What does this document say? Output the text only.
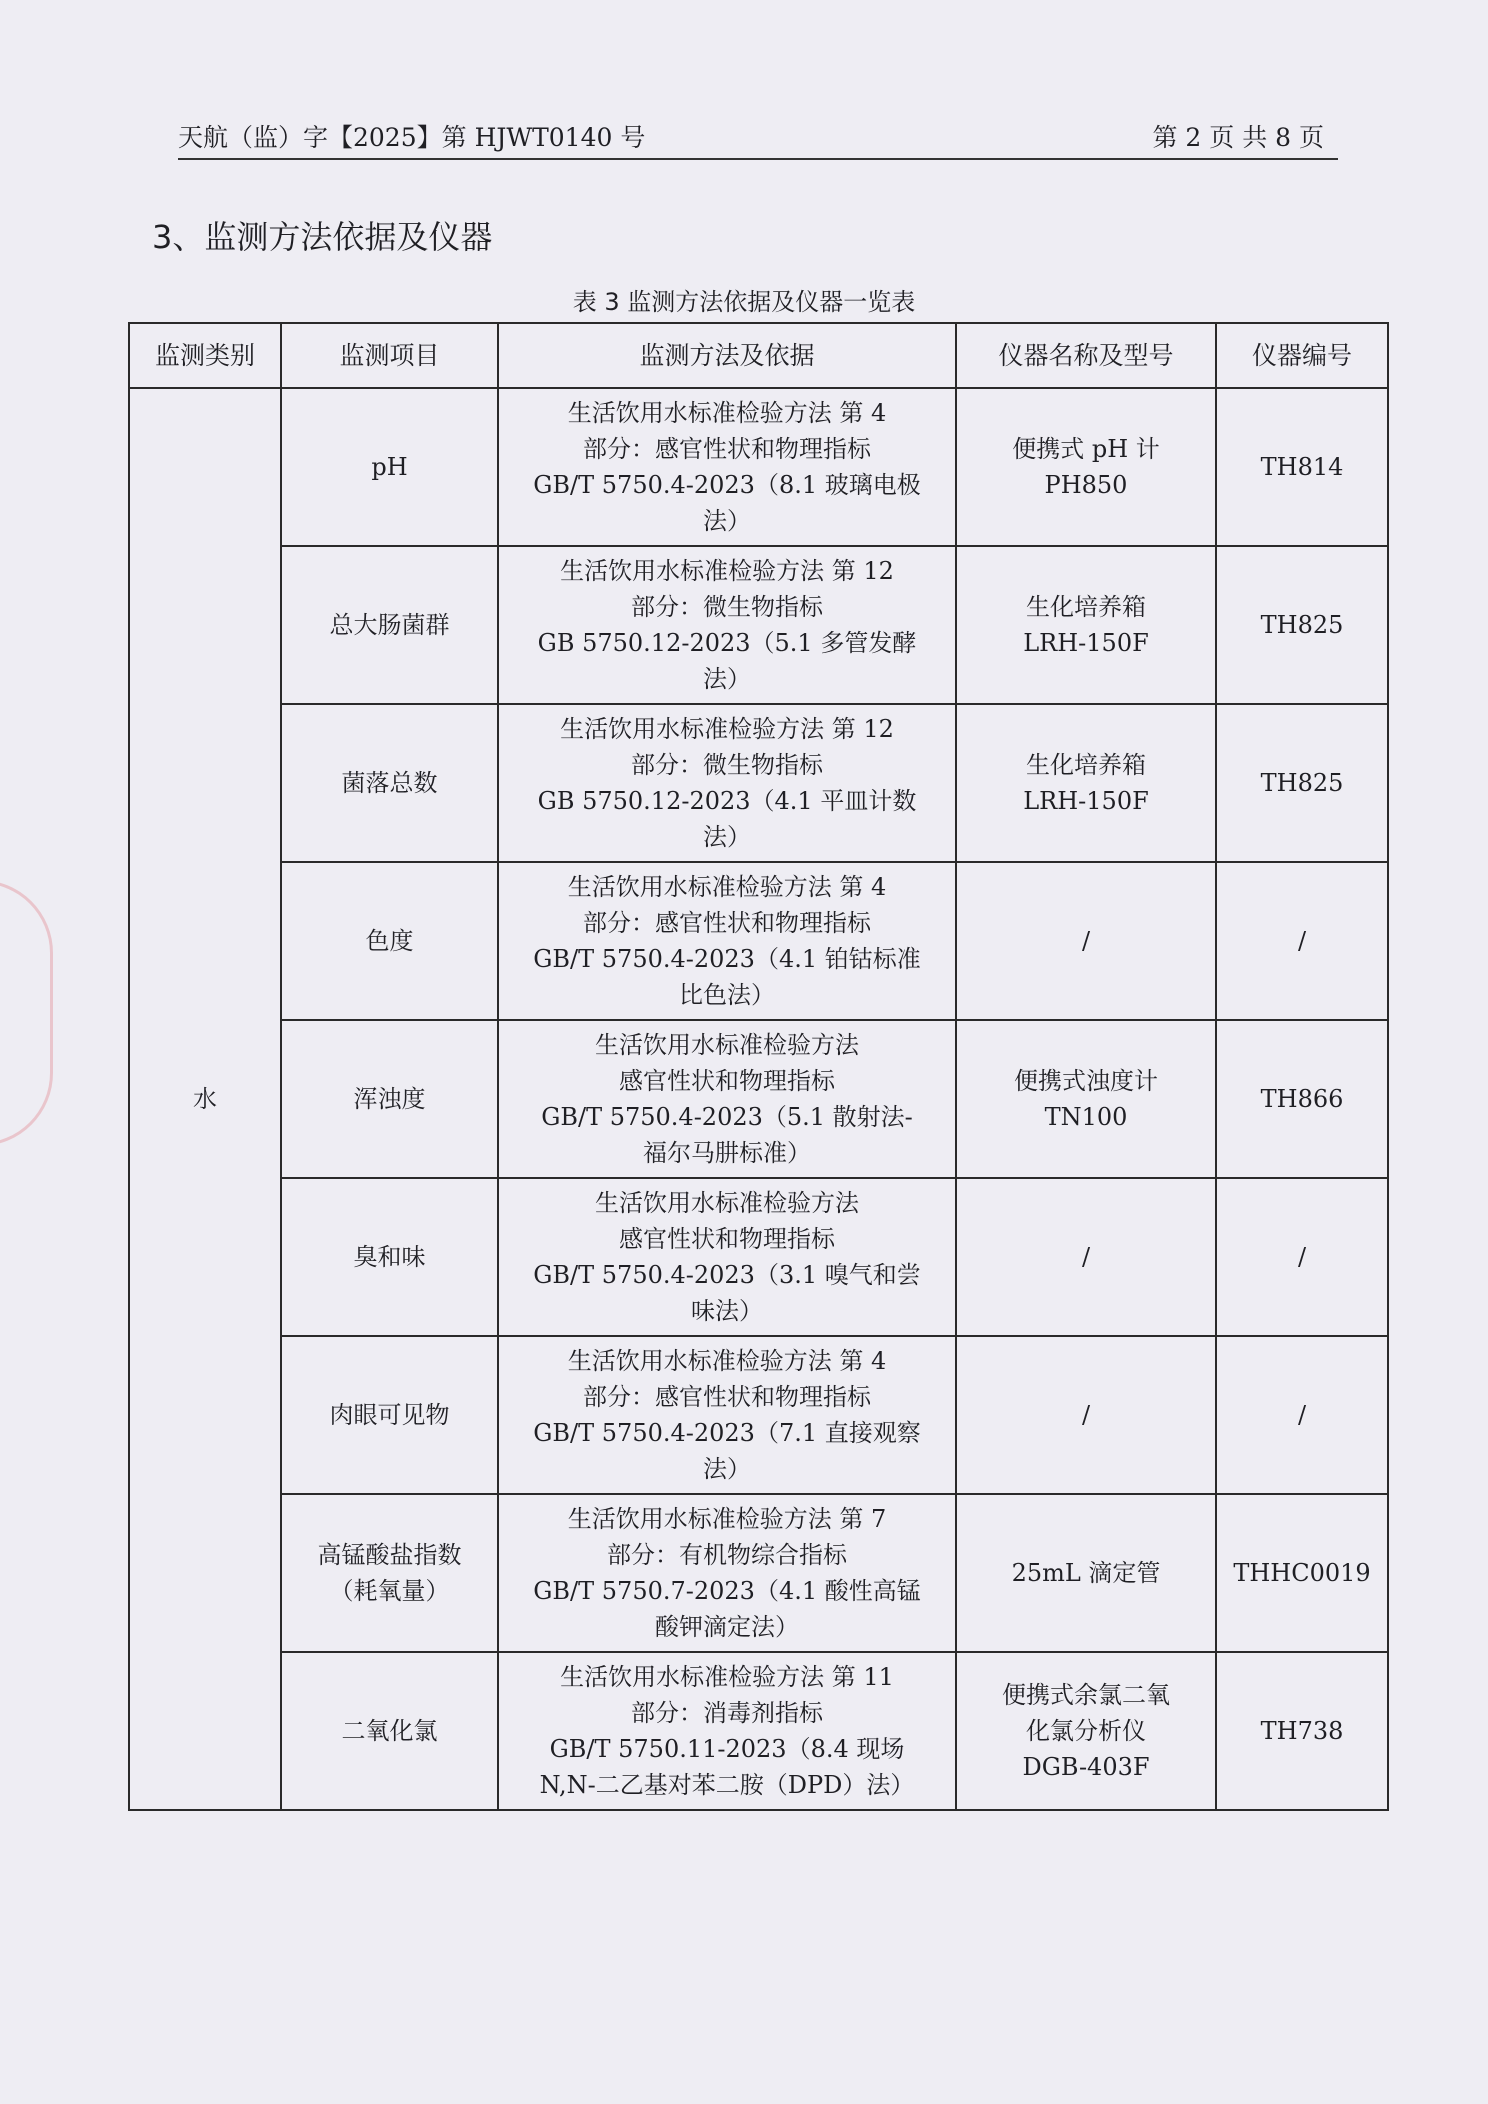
天航（监）字【2025】第 HJWT0140 号	第 2 页 共 8 页
3、监测方法依据及仪器
表 3 监测方法依据及仪器一览表
监测类别	监测项目	监测方法及依据	仪器名称及型号	仪器编号
水	pH	生活饮用水标准检验方法 第 4
部分：感官性状和物理指标
GB/T 5750.4-2023（8.1 玻璃电极
法）	便携式 pH 计
PH850	TH814

	总大肠菌群	生活饮用水标准检验方法 第 12
部分：微生物指标
GB 5750.12-2023（5.1 多管发酵
法）	生化培养箱
LRH-150F	TH825

	菌落总数	生活饮用水标准检验方法 第 12
部分：微生物指标
GB 5750.12-2023（4.1 平皿计数
法）	生化培养箱
LRH-150F	TH825

	色度	生活饮用水标准检验方法 第 4
部分：感官性状和物理指标
GB/T 5750.4-2023（4.1 铂钴标准
比色法）	/	/

	浑浊度	生活饮用水标准检验方法
感官性状和物理指标
GB/T 5750.4-2023（5.1 散射法-
福尔马肼标准）	便携式浊度计
TN100	TH866

	臭和味	生活饮用水标准检验方法
感官性状和物理指标
GB/T 5750.4-2023（3.1 嗅气和尝
味法）	/	/

	肉眼可见物	生活饮用水标准检验方法 第 4
部分：感官性状和物理指标
GB/T 5750.4-2023（7.1 直接观察
法）	/	/

	高锰酸盐指数
（耗氧量）	生活饮用水标准检验方法 第 7
部分：有机物综合指标
GB/T 5750.7-2023（4.1 酸性高锰
酸钾滴定法）	25mL 滴定管	THHC0019

	二氧化氯	生活饮用水标准检验方法 第 11
部分：消毒剂指标
GB/T 5750.11-2023（8.4 现场
N,N-二乙基对苯二胺（DPD）法）	便携式余氯二氧
化氯分析仪
DGB-403F	TH738
